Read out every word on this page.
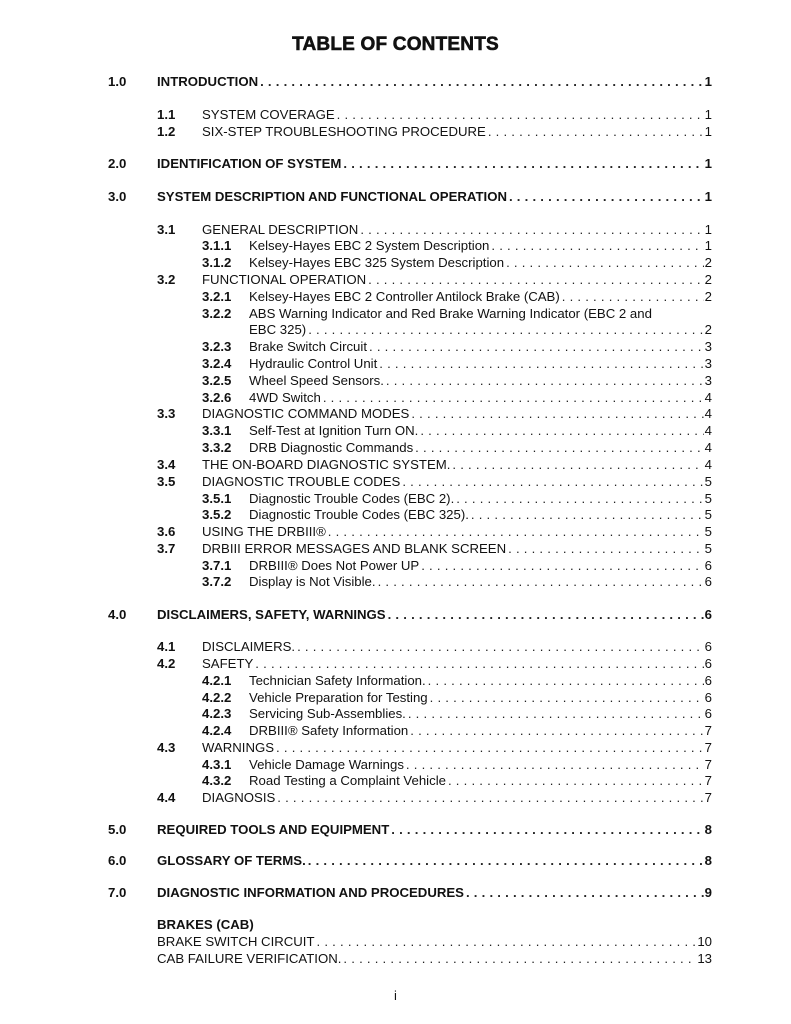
TABLE OF CONTENTS
1.0 INTRODUCTION . . .	1
1.1 SYSTEM COVERAGE . . .	1
1.2 SIX-STEP TROUBLESHOOTING PROCEDURE . . .	1
2.0 IDENTIFICATION OF SYSTEM . . .	1
3.0 SYSTEM DESCRIPTION AND FUNCTIONAL OPERATION . . .	1
3.1 GENERAL DESCRIPTION . . .	1
3.1.1 Kelsey-Hayes EBC 2 System Description . . .	1
3.1.2 Kelsey-Hayes EBC 325 System Description . . .	2
3.2 FUNCTIONAL OPERATION . . .	2
3.2.1 Kelsey-Hayes EBC 2 Controller Antilock Brake (CAB) . . .	2
3.2.2 ABS Warning Indicator and Red Brake Warning Indicator (EBC 2 and
EBC 325) . . .	2
3.2.3 Brake Switch Circuit . . .	3
3.2.4 Hydraulic Control Unit . . .	3
3.2.5 Wheel Speed Sensors. . . .	3
3.2.6 4WD Switch . . .	4
3.3 DIAGNOSTIC COMMAND MODES . . .	4
3.3.1 Self-Test at Ignition Turn ON. . . .	4
3.3.2 DRB Diagnostic Commands . . .	4
3.4 THE ON-BOARD DIAGNOSTIC SYSTEM. . . .	4
3.5 DIAGNOSTIC TROUBLE CODES . . .	5
3.5.1 Diagnostic Trouble Codes (EBC 2). . . .	5
3.5.2 Diagnostic Trouble Codes (EBC 325). . . .	5
3.6 USING THE DRBIII® . . .	5
3.7 DRBIII ERROR MESSAGES AND BLANK SCREEN . . .	5
3.7.1 DRBIII® Does Not Power UP . . .	6
3.7.2 Display is Not Visible. . . .	6
4.0 DISCLAIMERS, SAFETY, WARNINGS . . .	6
4.1 DISCLAIMERS. . . .	6
4.2 SAFETY . . .	6
4.2.1 Technician Safety Information. . . .	6
4.2.2 Vehicle Preparation for Testing . . .	6
4.2.3 Servicing Sub-Assemblies. . . .	6
4.2.4 DRBIII® Safety Information . . .	7
4.3 WARNINGS . . .	7
4.3.1 Vehicle Damage Warnings . . .	7
4.3.2 Road Testing a Complaint Vehicle . . .	7
4.4 DIAGNOSIS . . .	7
5.0 REQUIRED TOOLS AND EQUIPMENT . . .	8
6.0 GLOSSARY OF TERMS. . . .	8
7.0 DIAGNOSTIC INFORMATION AND PROCEDURES . . .	9
BRAKES (CAB)
BRAKE SWITCH CIRCUIT . . .	10
CAB FAILURE VERIFICATION. . . .	13
i
